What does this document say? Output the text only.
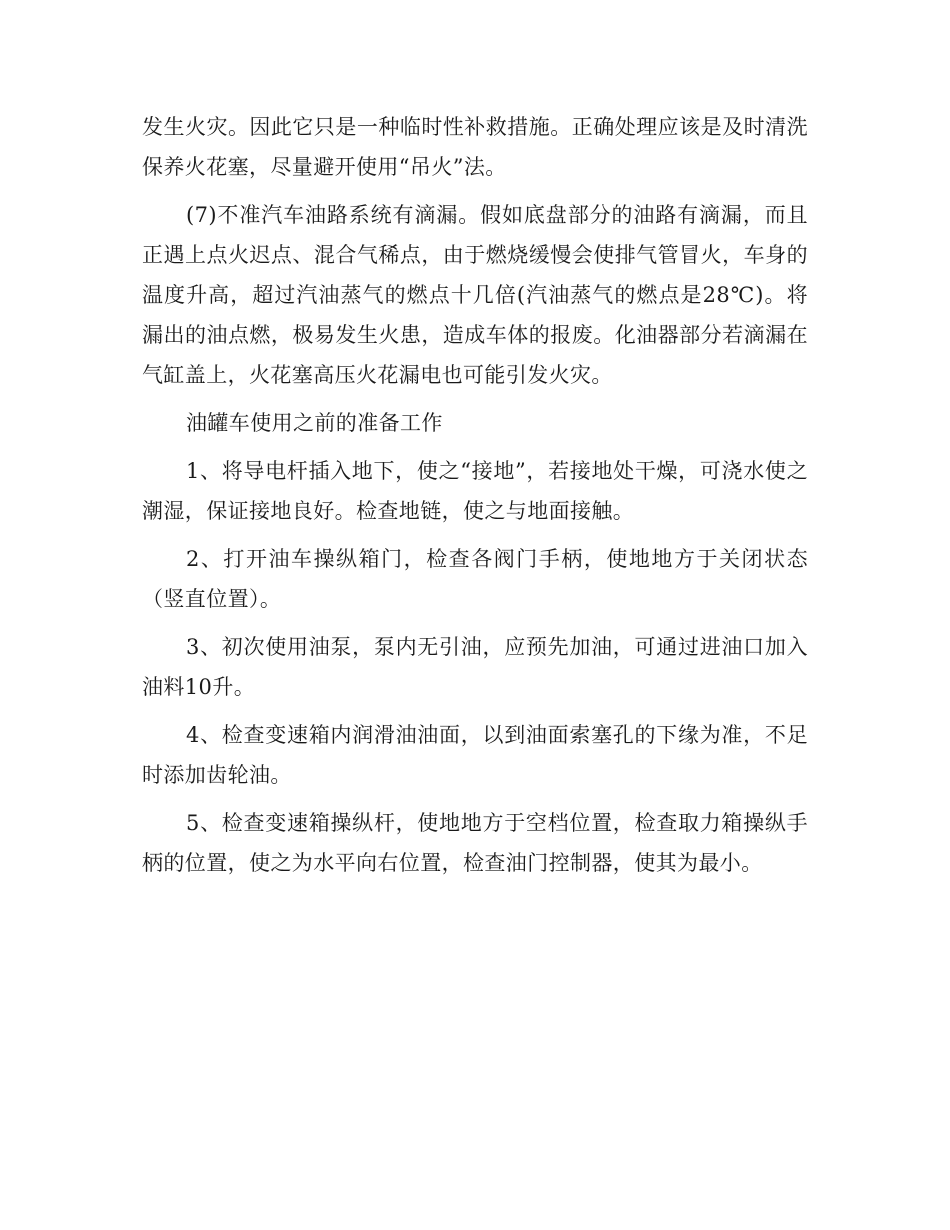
发生火灾。因此它只是一种临时性补救措施。正确处理应该是及时清洗保养火花塞，尽量避开使用“吊火”法。

(7)不准汽车油路系统有滴漏。假如底盘部分的油路有滴漏，而且正遇上点火迟点、混合气稀点，由于燃烧缓慢会使排气管冒火，车身的温度升高，超过汽油蒸气的燃点十几倍(汽油蒸气的燃点是28℃)。将漏出的油点燃，极易发生火患，造成车体的报废。化油器部分若滴漏在气缸盖上，火花塞高压火花漏电也可能引发火灾。

油罐车使用之前的准备工作

1、将导电杆插入地下，使之“接地”，若接地处干燥，可浇水使之潮湿，保证接地良好。检查地链，使之与地面接触。

2、打开油车操纵箱门，检查各阀门手柄，使地地方于关闭状态（竖直位置）。

3、初次使用油泵，泵内无引油，应预先加油，可通过进油口加入油料10升。

4、检查变速箱内润滑油油面，以到油面索塞孔的下缘为准，不足时添加齿轮油。

5、检查变速箱操纵杆，使地地方于空档位置，检查取力箱操纵手柄的位置，使之为水平向右位置，检查油门控制器，使其为最小。
